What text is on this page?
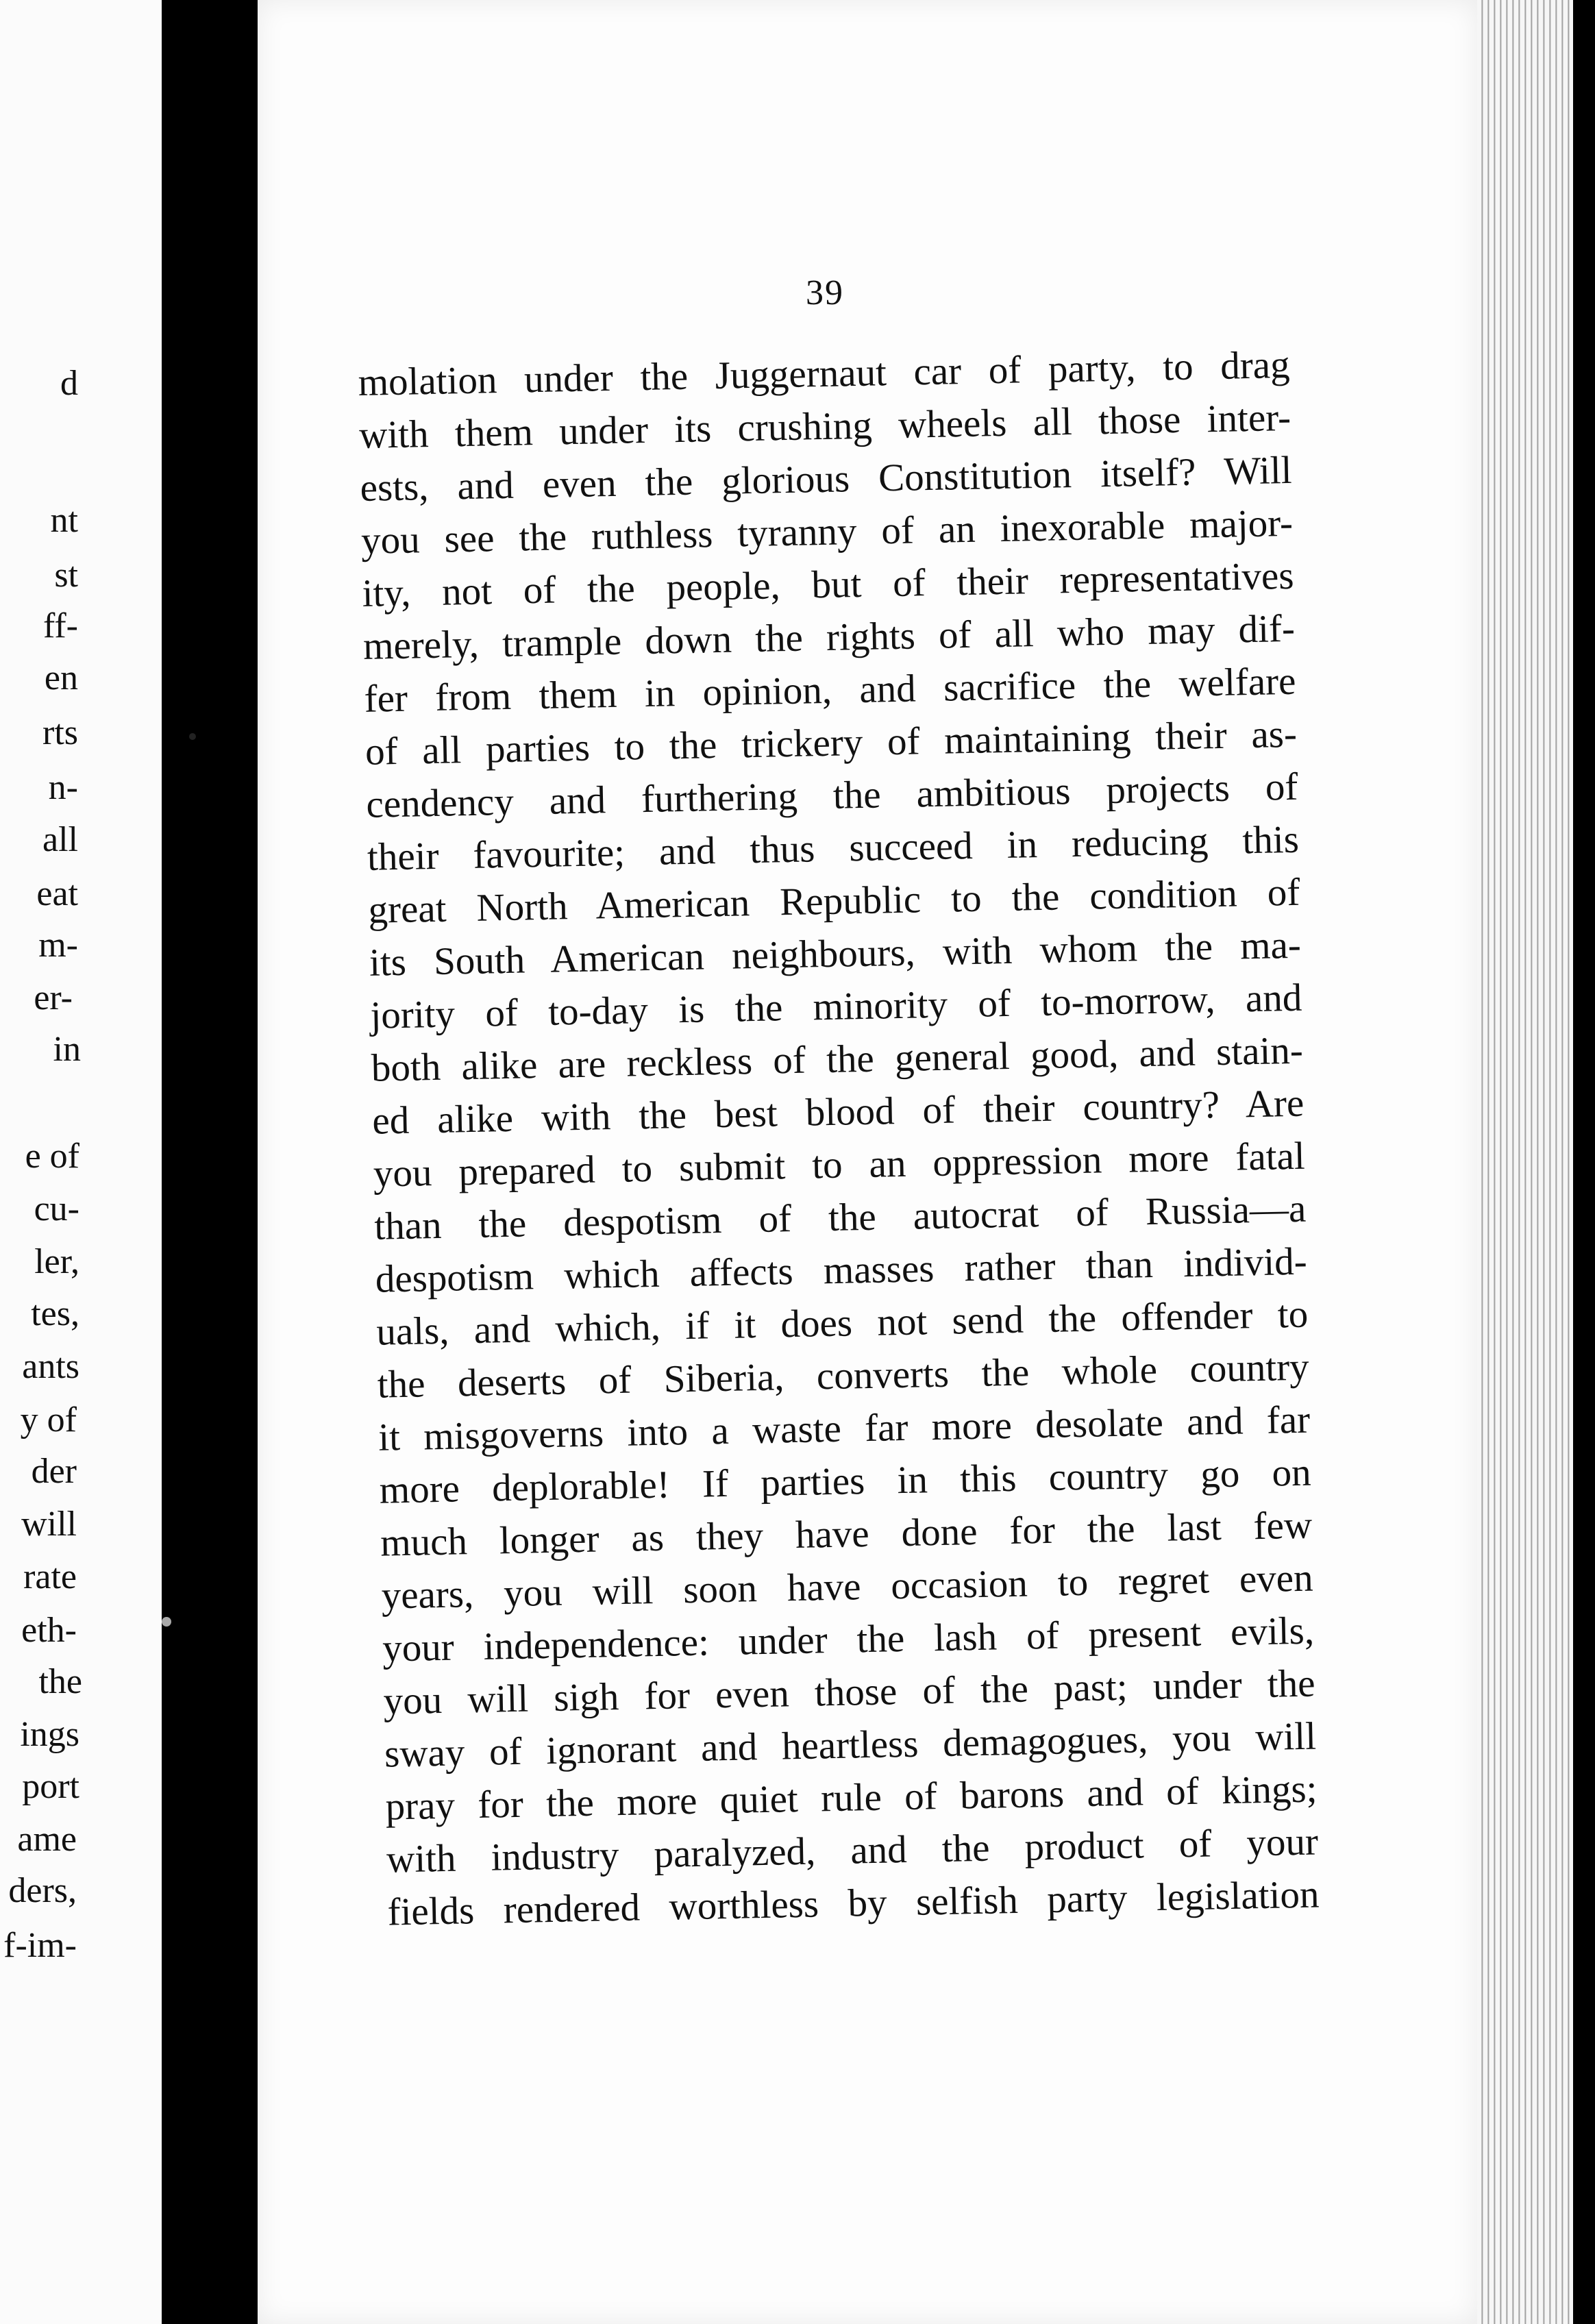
d
nt
st
ff-
en
rts
n-
all
eat
m-
er-
in
e of
cu-
ler,
tes,
ants
y of
der
will
rate
eth-
the
ings
port
ame
ders,
f-im-
39
molation under the Juggernaut car of party, to drag
with them under its crushing wheels all those inter-
ests, and even the glorious Constitution itself? Will
you see the ruthless tyranny of an inexorable major-
ity, not of the people, but of their representatives
merely, trample down the rights of all who may dif-
fer from them in opinion, and sacrifice the welfare
of all parties to the trickery of maintaining their as-
cendency and furthering the ambitious projects of
their favourite; and thus succeed in reducing this
great North American Republic to the condition of
its South American neighbours, with whom the ma-
jority of to-day is the minority of to-morrow, and
both alike are reckless of the general good, and stain-
ed alike with the best blood of their country? Are
you prepared to submit to an oppression more fatal
than the despotism of the autocrat of Russia—a
despotism which affects masses rather than individ-
uals, and which, if it does not send the offender to
the deserts of Siberia, converts the whole country
it misgoverns into a waste far more desolate and far
more deplorable! If parties in this country go on
much longer as they have done for the last few
years, you will soon have occasion to regret even
your independence: under the lash of present evils,
you will sigh for even those of the past; under the
sway of ignorant and heartless demagogues, you will
pray for the more quiet rule of barons and of kings;
with industry paralyzed, and the product of your
fields rendered worthless by selfish party legislation
